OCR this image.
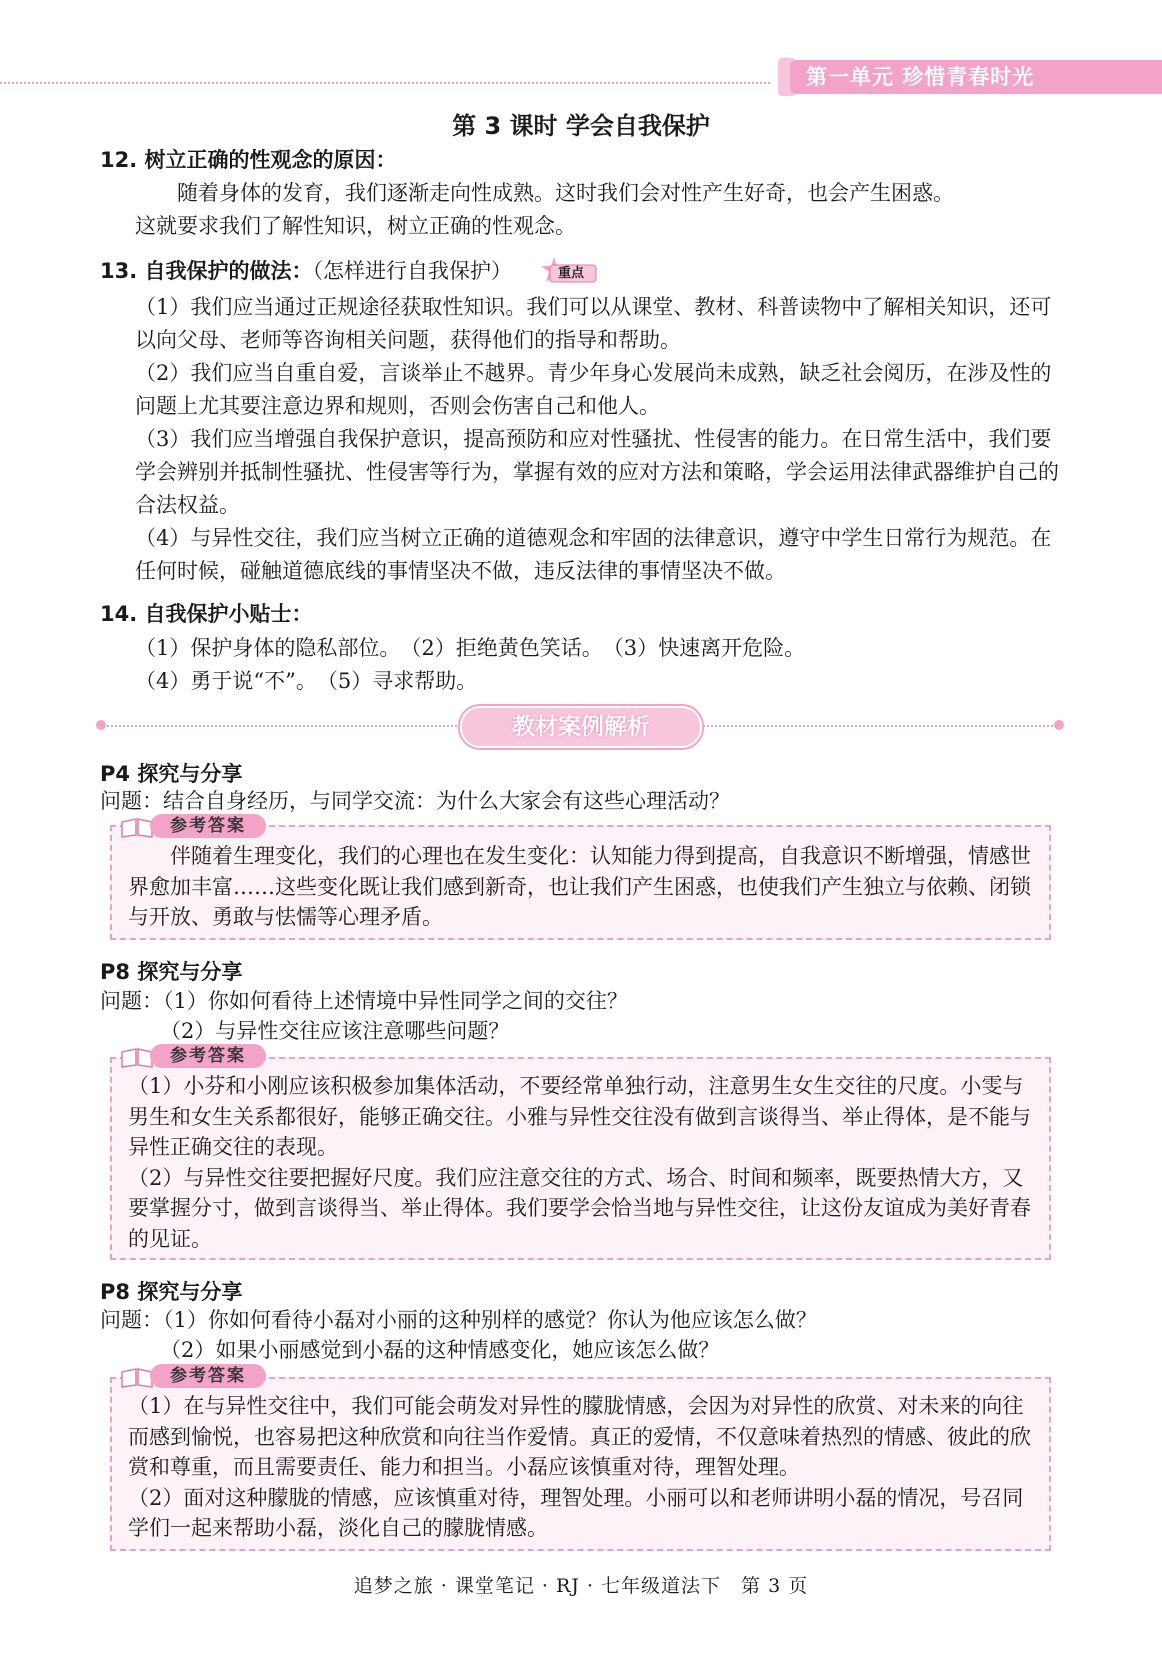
第一单元 珍惜青春时光
第 3 课时 学会自我保护
12. 树立正确的性观念的原因：
随着身体的发育，我们逐渐走向性成熟。这时我们会对性产生好奇，也会产生困惑。
这就要求我们了解性知识，树立正确的性观念。
13. 自我保护的做法：（怎样进行自我保护）	重点
（1）我们应当通过正规途径获取性知识。我们可以从课堂、教材、科普读物中了解相关知识，还可以向父母、老师等咨询相关问题，获得他们的指导和帮助。
（2）我们应当自重自爱，言谈举止不越界。青少年身心发展尚未成熟，缺乏社会阅历，在涉及性的问题上尤其要注意边界和规则，否则会伤害自己和他人。
（3）我们应当增强自我保护意识，提高预防和应对性骚扰、性侵害的能力。在日常生活中，我们要学会辨别并抵制性骚扰、性侵害等行为，掌握有效的应对方法和策略，学会运用法律武器维护自己的合法权益。
（4）与异性交往，我们应当树立正确的道德观念和牢固的法律意识，遵守中学生日常行为规范。在任何时候，碰触道德底线的事情坚决不做，违反法律的事情坚决不做。
14. 自我保护小贴士：
（1）保护身体的隐私部位。　（2）拒绝黄色笑话。　（3）快速离开危险。
（4）勇于说“不”。　（5）寻求帮助。
教材案例解析
P4 探究与分享
问题：结合自身经历，与同学交流：为什么大家会有这些心理活动？
　　伴随着生理变化，我们的心理也在发生变化：认知能力得到提高，自我意识不断增强，情感世界愈加丰富……这些变化既让我们感到新奇，也让我们产生困惑，也使我们产生独立与依赖、闭锁与开放、勇敢与怯懦等心理矛盾。
参考答案
P8 探究与分享
问题：（1）你如何看待上述情境中异性同学之间的交往？
（2）与异性交往应该注意哪些问题？
（1）小芬和小刚应该积极参加集体活动，不要经常单独行动，注意男生女生交往的尺度。小雯与男生和女生关系都很好，能够正确交往。小雅与异性交往没有做到言谈得当、举止得体，是不能与异性正确交往的表现。
（2）与异性交往要把握好尺度。我们应注意交往的方式、场合、时间和频率，既要热情大方，又要掌握分寸，做到言谈得当、举止得体。我们要学会恰当地与异性交往，让这份友谊成为美好青春的见证。
参考答案
P8 探究与分享
问题：（1）你如何看待小磊对小丽的这种别样的感觉？你认为他应该怎么做？
（2）如果小丽感觉到小磊的这种情感变化，她应该怎么做？
（1）在与异性交往中，我们可能会萌发对异性的朦胧情感，会因为对异性的欣赏、对未来的向往而感到愉悦，也容易把这种欣赏和向往当作爱情。真正的爱情，不仅意味着热烈的情感、彼此的欣赏和尊重，而且需要责任、能力和担当。小磊应该慎重对待，理智处理。
（2）面对这种朦胧的情感，应该慎重对待，理智处理。小丽可以和老师讲明小磊的情况，号召同学们一起来帮助小磊，淡化自己的朦胧情感。
参考答案
追梦之旅 · 课堂笔记 · RJ · 七年级道法下　第 3 页
